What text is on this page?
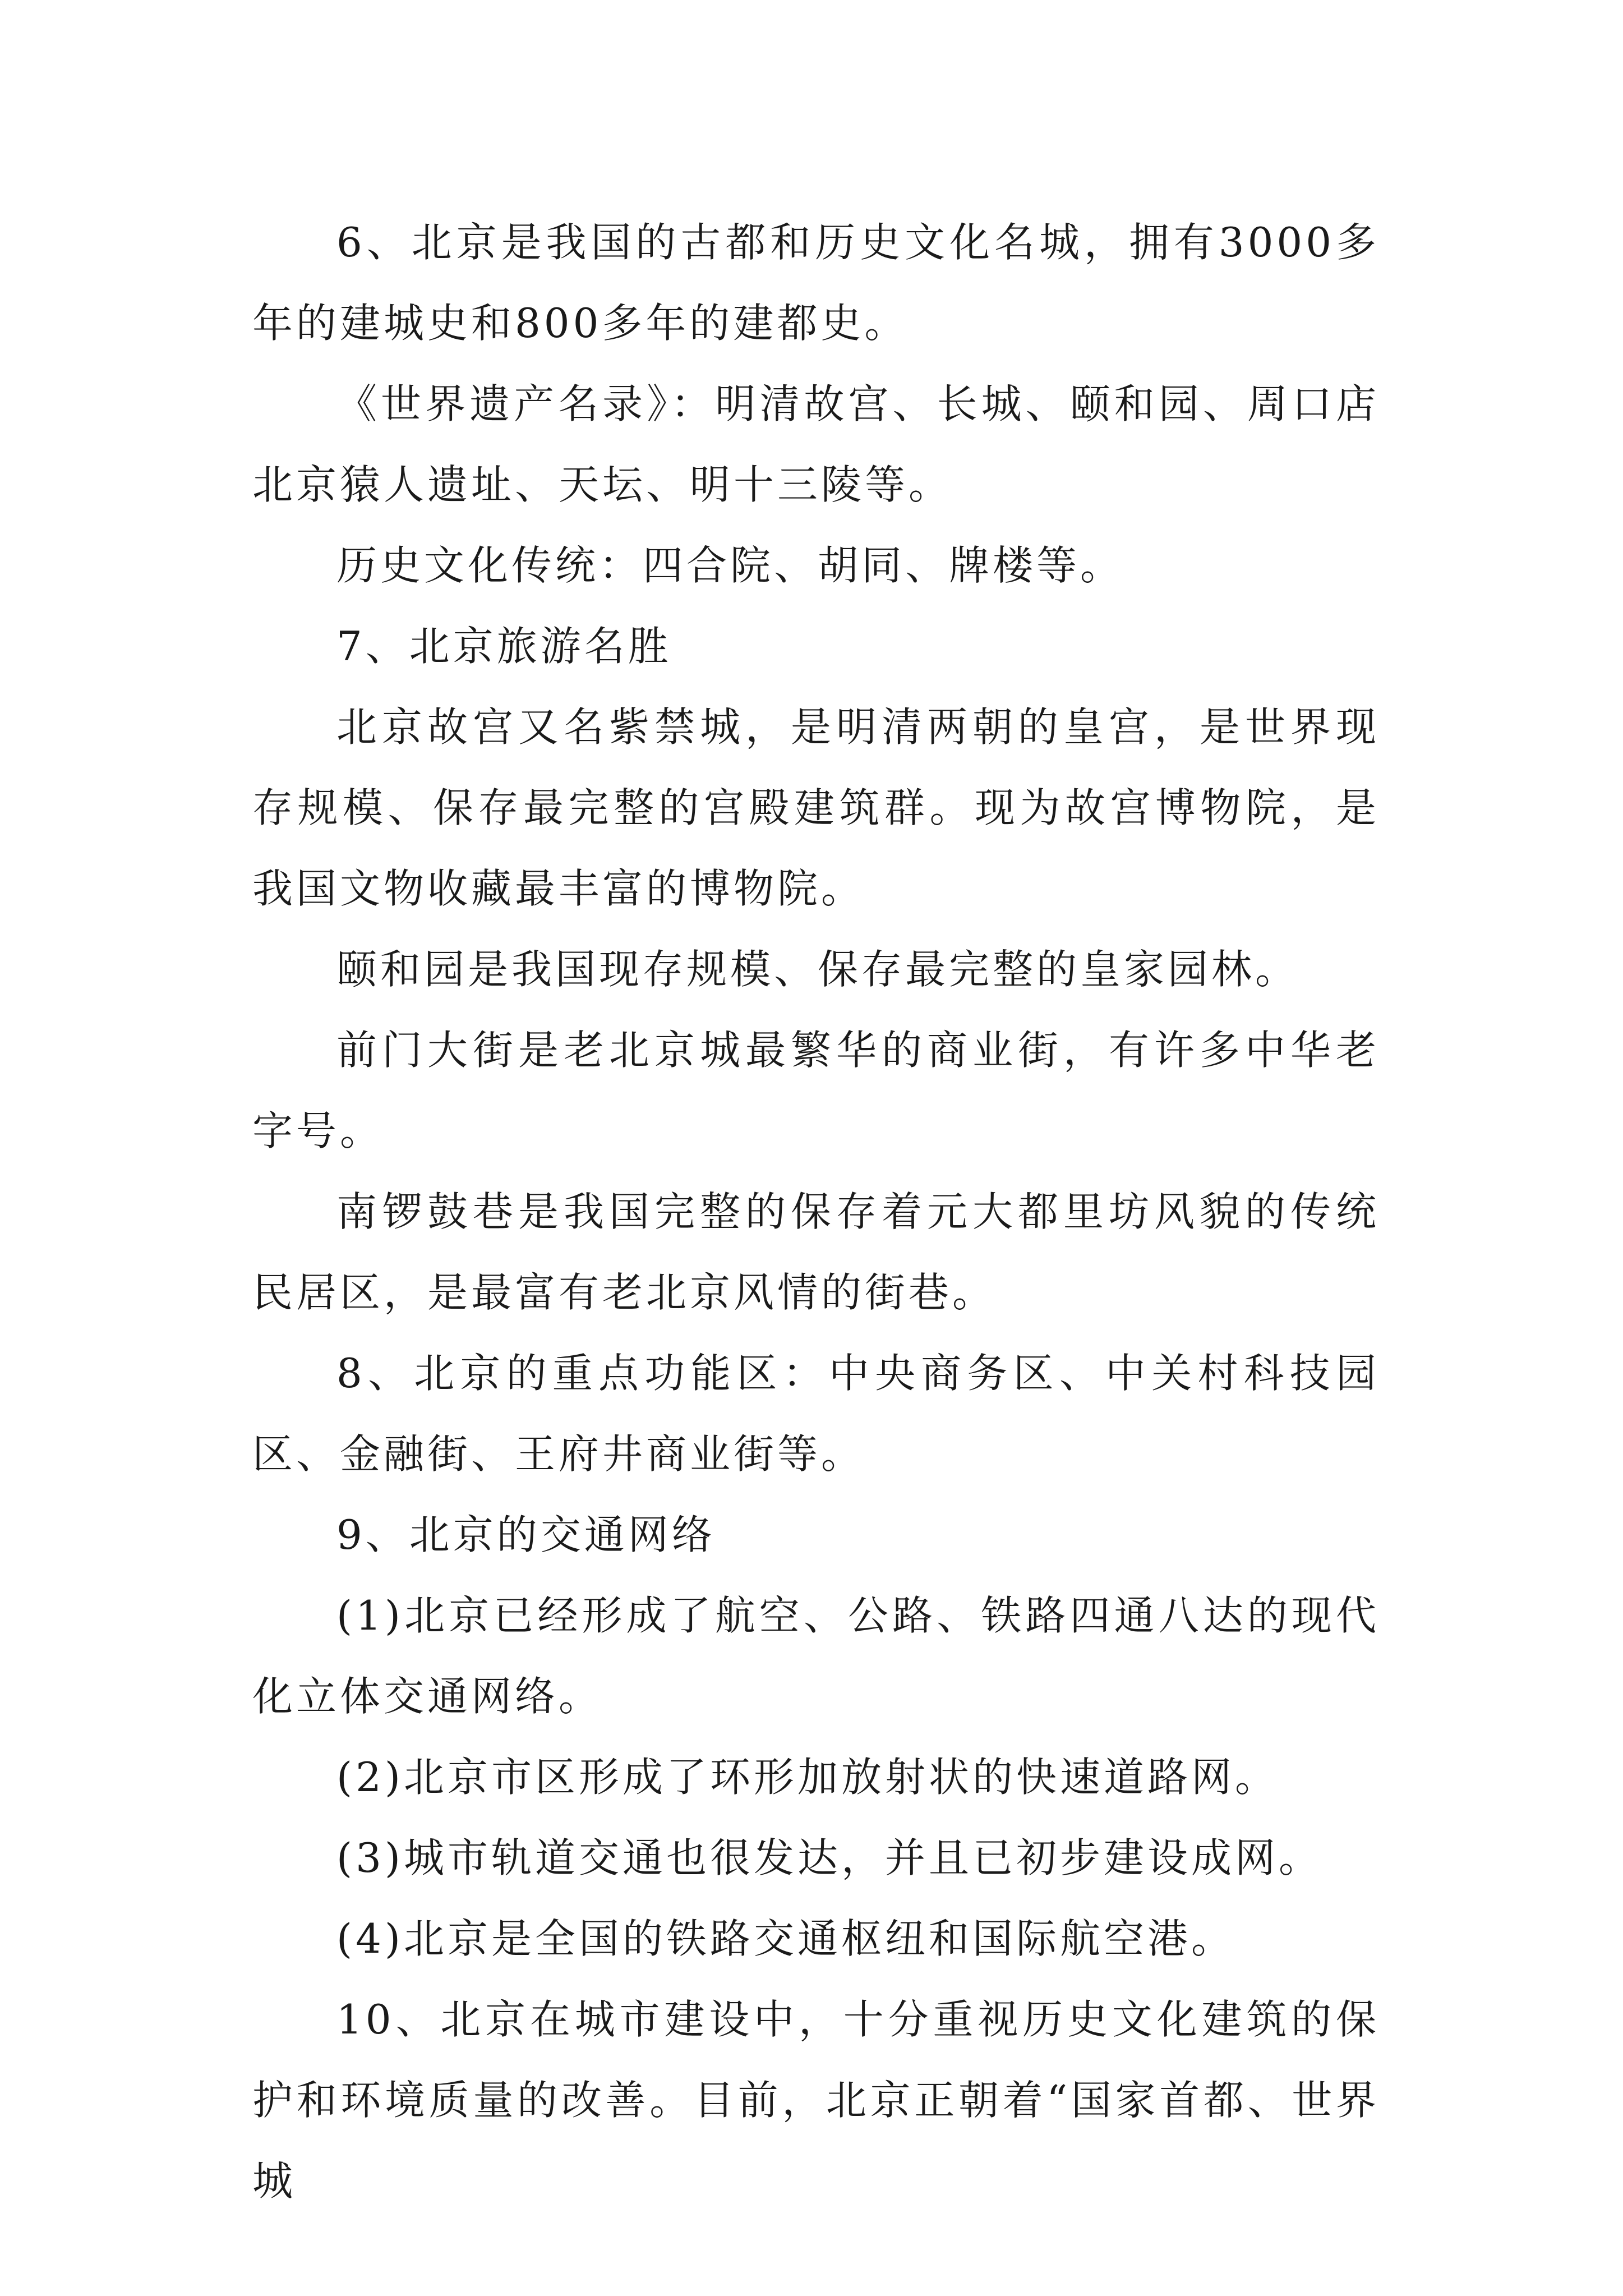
6、北京是我国的古都和历史文化名城，拥有3000多年的建城史和800多年的建都史。

《世界遗产名录》：明清故宫、长城、颐和园、周口店北京猿人遗址、天坛、明十三陵等。

历史文化传统：四合院、胡同、牌楼等。

7、北京旅游名胜

北京故宫又名紫禁城，是明清两朝的皇宫，是世界现存规模、保存最完整的宫殿建筑群。现为故宫博物院，是我国文物收藏最丰富的博物院。

颐和园是我国现存规模、保存最完整的皇家园林。

前门大街是老北京城最繁华的商业街，有许多中华老字号。

南锣鼓巷是我国完整的保存着元大都里坊风貌的传统民居区，是最富有老北京风情的街巷。

8、北京的重点功能区：中央商务区、中关村科技园区、金融街、王府井商业街等。

9、北京的交通网络

(1)北京已经形成了航空、公路、铁路四通八达的现代化立体交通网络。

(2)北京市区形成了环形加放射状的快速道路网。

(3)城市轨道交通也很发达，并且已初步建设成网。

(4)北京是全国的铁路交通枢纽和国际航空港。

10、北京在城市建设中，十分重视历史文化建筑的保护和环境质量的改善。目前，北京正朝着“国家首都、世界城
